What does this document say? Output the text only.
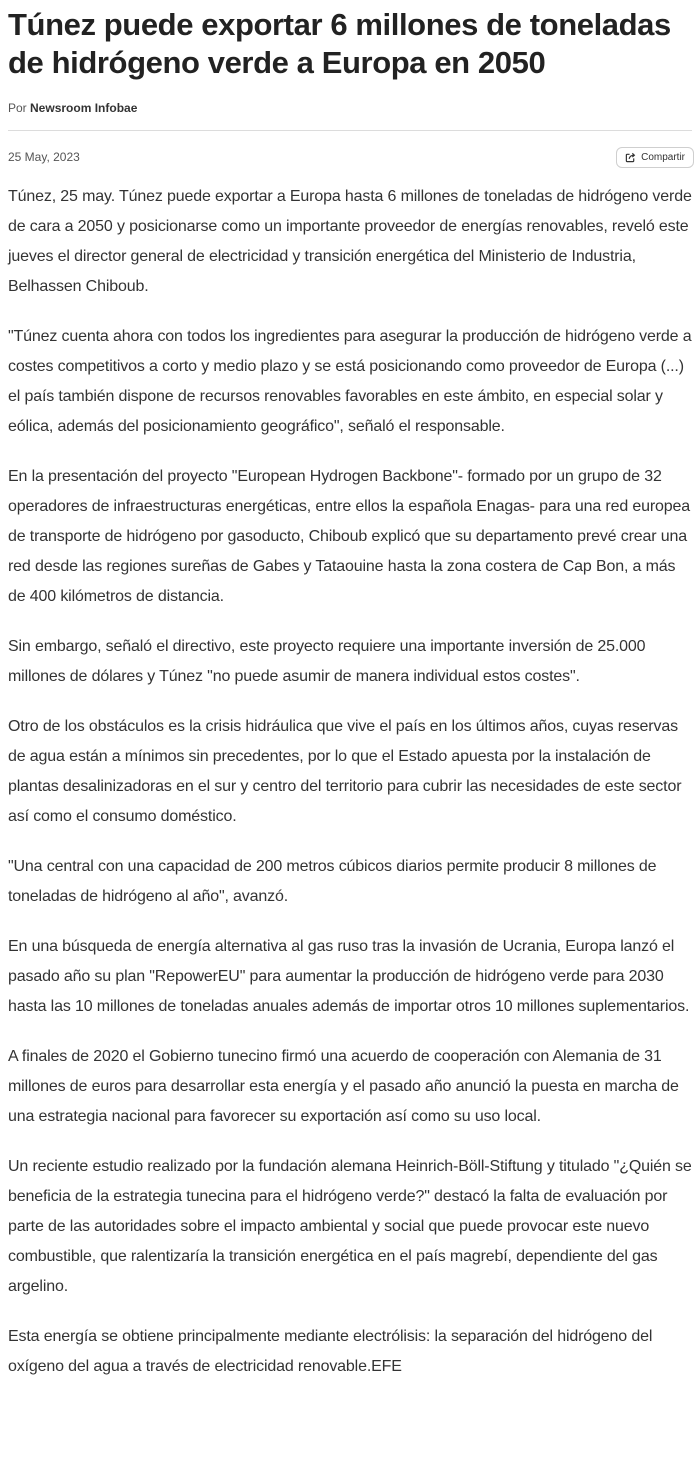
Túnez puede exportar 6 millones de toneladas de hidrógeno verde a Europa en 2050
Por Newsroom Infobae
25 May, 2023	Compartir

Túnez, 25 may. Túnez puede exportar a Europa hasta 6 millones de toneladas de hidrógeno verde de cara a 2050 y posicionarse como un importante proveedor de energías renovables, reveló este jueves el director general de electricidad y transición energética del Ministerio de Industria, Belhassen Chiboub.

"Túnez cuenta ahora con todos los ingredientes para asegurar la producción de hidrógeno verde a costes competitivos a corto y medio plazo y se está posicionando como proveedor de Europa (...) el país también dispone de recursos renovables favorables en este ámbito, en especial solar y eólica, además del posicionamiento geográfico", señaló el responsable.

En la presentación del proyecto "European Hydrogen Backbone"- formado por un grupo de 32 operadores de infraestructuras energéticas, entre ellos la española Enagas- para una red europea de transporte de hidrógeno por gasoducto, Chiboub explicó que su departamento prevé crear una red desde las regiones sureñas de Gabes y Tataouine hasta la zona costera de Cap Bon, a más de 400 kilómetros de distancia.

Sin embargo, señaló el directivo, este proyecto requiere una importante inversión de 25.000 millones de dólares y Túnez "no puede asumir de manera individual estos costes".

Otro de los obstáculos es la crisis hidráulica que vive el país en los últimos años, cuyas reservas de agua están a mínimos sin precedentes, por lo que el Estado apuesta por la instalación de plantas desalinizadoras en el sur y centro del territorio para cubrir las necesidades de este sector así como el consumo doméstico.

"Una central con una capacidad de 200 metros cúbicos diarios permite producir 8 millones de toneladas de hidrógeno al año", avanzó.

En una búsqueda de energía alternativa al gas ruso tras la invasión de Ucrania, Europa lanzó el pasado año su plan "RepowerEU" para aumentar la producción de hidrógeno verde para 2030 hasta las 10 millones de toneladas anuales además de importar otros 10 millones suplementarios.

A finales de 2020 el Gobierno tunecino firmó una acuerdo de cooperación con Alemania de 31 millones de euros para desarrollar esta energía y el pasado año anunció la puesta en marcha de una estrategia nacional para favorecer su exportación así como su uso local.

Un reciente estudio realizado por la fundación alemana Heinrich-Böll-Stiftung y titulado "¿Quién se beneficia de la estrategia tunecina para el hidrógeno verde?" destacó la falta de evaluación por parte de las autoridades sobre el impacto ambiental y social que puede provocar este nuevo combustible, que ralentizaría la transición energética en el país magrebí, dependiente del gas argelino.

Esta energía se obtiene principalmente mediante electrólisis: la separación del hidrógeno del oxígeno del agua a través de electricidad renovable.EFE
